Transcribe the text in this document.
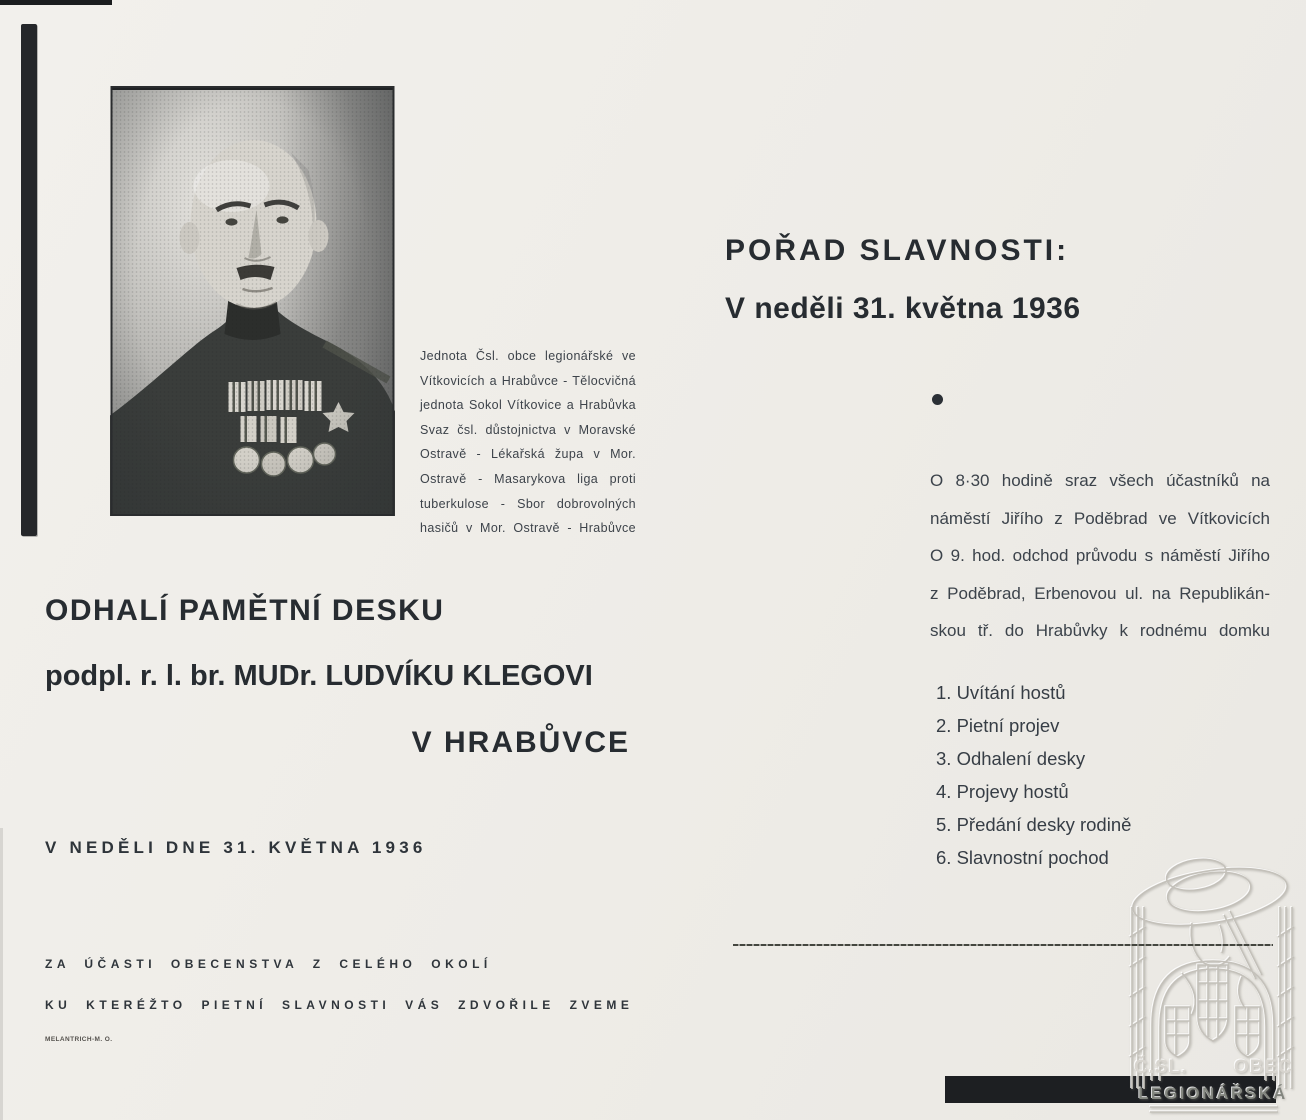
Jednota Čsl. obce legionářské ve
Vítkovicích a Hrabůvce - Tělocvičná
jednota Sokol Vítkovice a Hrabůvka
Svaz čsl. důstojnictva v Moravské
Ostravě - Lékařská župa v Mor.
Ostravě - Masarykova liga proti
tuberkulose - Sbor dobrovolných
hasičů v Mor. Ostravě - Hrabůvce
ODHALÍ PAMĚTNÍ DESKU
podpl. r. l. br. MUDr. LUDVÍKU KLEGOVI
V HRABŮVCE
V NEDĚLI DNE 31. KVĚTNA 1936
ZA ÚČASTI OBECENSTVA Z CELÉHO OKOLÍ
KU KTERÉŽTO PIETNÍ SLAVNOSTI VÁS ZDVOŘILE ZVEME
MELANTRICH-M. O.
POŘAD SLAVNOSTI:
V neděli 31. května 1936
O 8·30 hodině sraz všech účastníků na
náměstí Jiřího z Poděbrad ve Vítkovicích
O 9. hod. odchod průvodu s náměstí Jiřího
z Poděbrad, Erbenovou ul. na Republikán-
skou tř. do Hrabůvky k rodnému domku
1. Uvítání hostů
2. Pietní projev
3. Odhalení desky
4. Projevy hostů
5. Předání desky rodině
6. Slavnostní pochod
Č.SL. OBEC
LEGIONÁŘSKÁ
